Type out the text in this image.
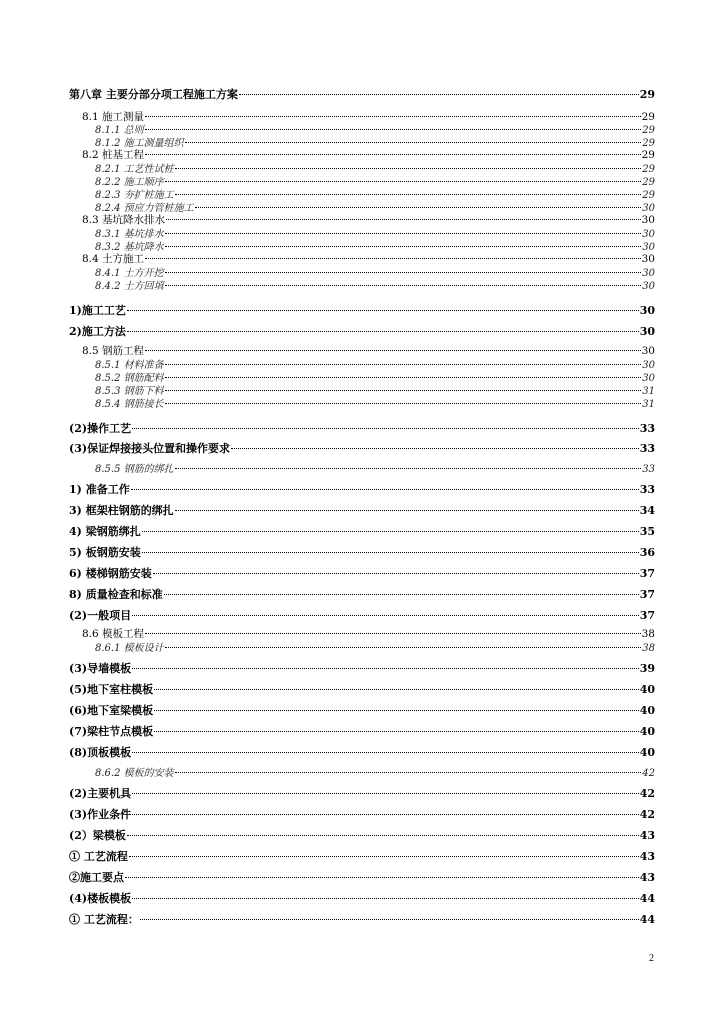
第八章 主要分部分项工程施工方案	29
8.1 施工测量	29
8.1.1 总则	29
8.1.2 施工测量组织	29
8.2 桩基工程	29
8.2.1 工艺性试桩	29
8.2.2 施工顺序	29
8.2.3 夯扩桩施工	29
8.2.4 预应力管桩施工	30
8.3 基坑降水排水	30
8.3.1 基坑排水	30
8.3.2 基坑降水	30
8.4 土方施工	30
8.4.1 土方开挖	30
8.4.2 土方回填	30
1)施工工艺	30
2)施工方法	30
8.5 钢筋工程	30
8.5.1 材料准备	30
8.5.2 钢筋配料	30
8.5.3 钢筋下料	31
8.5.4 钢筋接长	31
(2)操作工艺	33
(3)保证焊接接头位置和操作要求	33
8.5.5 钢筋的绑扎	33
1) 准备工作	33
3) 框架柱钢筋的绑扎	34
4) 梁钢筋绑扎	35
5) 板钢筋安装	36
6) 楼梯钢筋安装	37
8) 质量检查和标准	37
(2)一般项目	37
8.6 模板工程	38
8.6.1 模板设计	38
(3)导墙模板	39
(5)地下室柱模板	40
(6)地下室梁模板	40
(7)梁柱节点模板	40
(8)顶板模板	40
8.6.2 模板的安装	42
(2)主要机具	42
(3)作业条件	42
(2）梁模板	43
① 工艺流程	43
②施工要点	43
(4)楼板模板	44
① 工艺流程：	44
2
